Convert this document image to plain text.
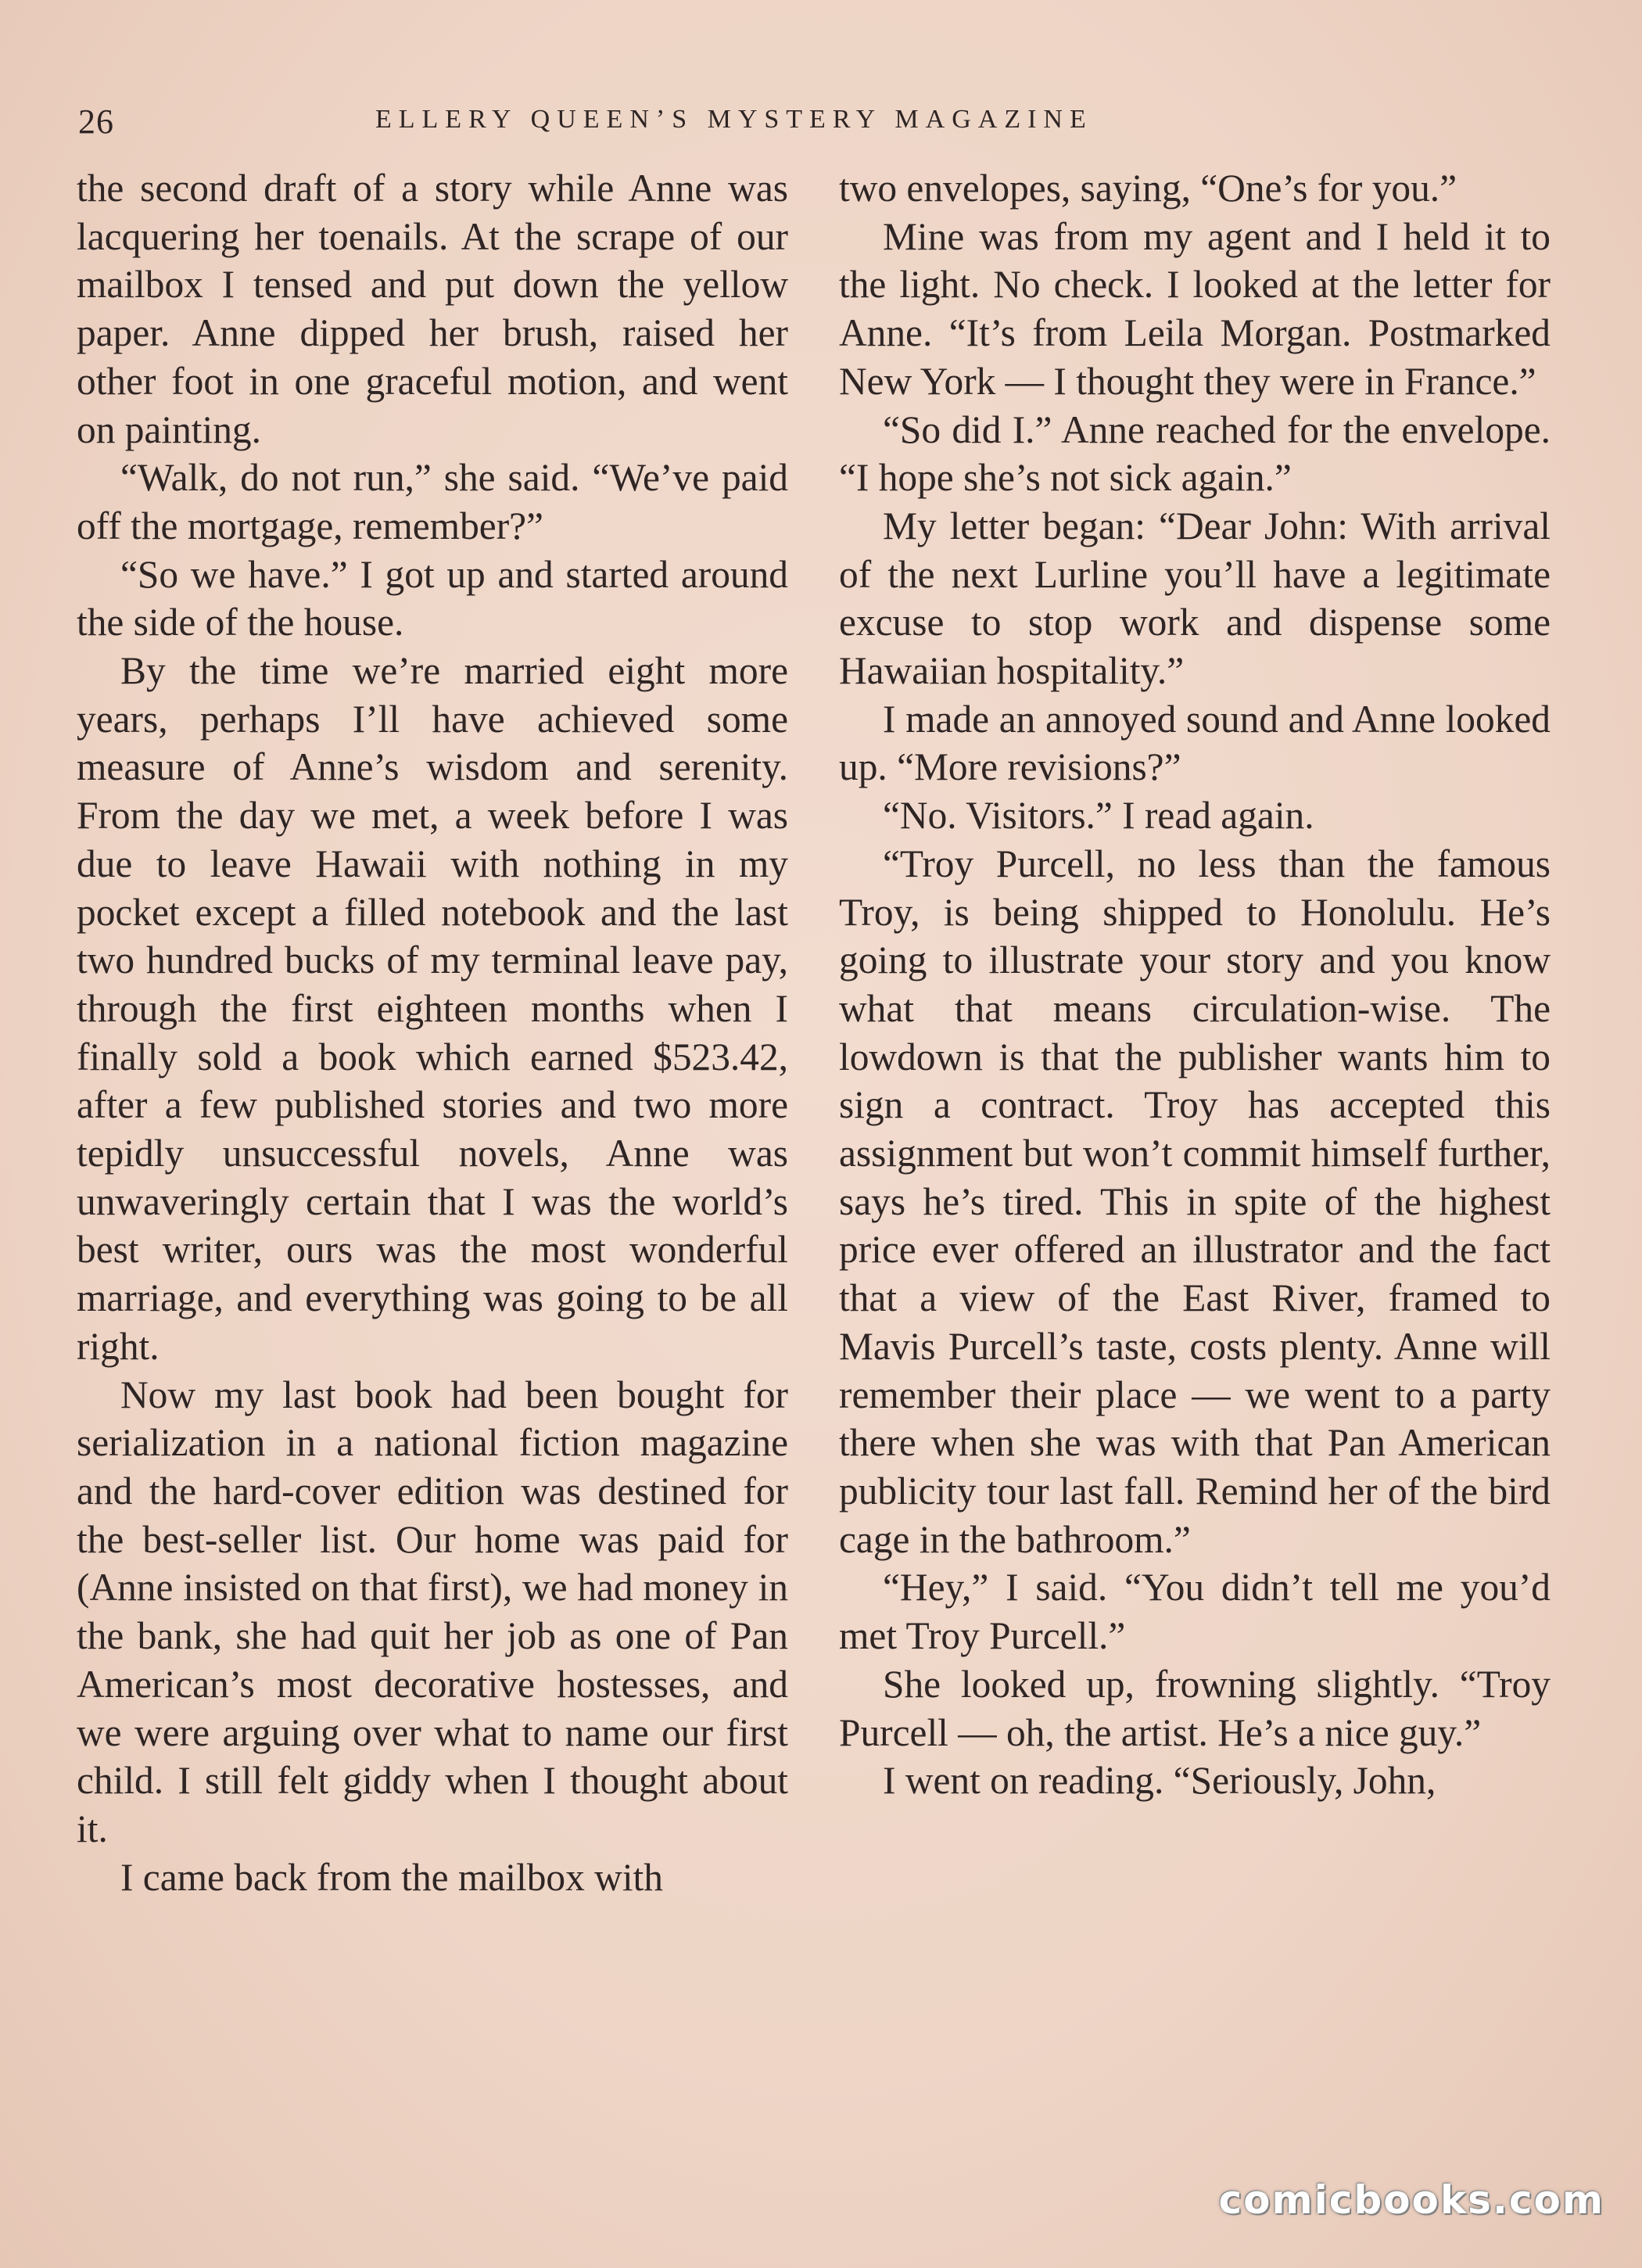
26	ELLERY QUEEN’S MYSTERY MAGAZINE

the second draft of a story while Anne was lacquering her toenails. At the scrape of our mailbox I tensed and put down the yellow paper. Anne dipped her brush, raised her other foot in one graceful motion, and went on painting.

“Walk, do not run,” she said. “We’ve paid off the mortgage, remember?”

“So we have.” I got up and started around the side of the house.

By the time we’re married eight more years, perhaps I’ll have achieved some measure of Anne’s wisdom and serenity. From the day we met, a week before I was due to leave Hawaii with nothing in my pocket except a filled notebook and the last two hundred bucks of my terminal leave pay, through the first eighteen months when I finally sold a book which earned $523.42, after a few published stories and two more tepidly unsuccessful novels, Anne was unwaveringly certain that I was the world’s best writer, ours was the most wonderful marriage, and everything was going to be all right.

Now my last book had been bought for serialization in a national fiction magazine and the hard-cover edition was destined for the best-seller list. Our home was paid for (Anne insisted on that first), we had money in the bank, she had quit her job as one of Pan American’s most decorative hostesses, and we were arguing over what to name our first child. I still felt giddy when I thought about it.

I came back from the mailbox with

two envelopes, saying, “One’s for you.”

Mine was from my agent and I held it to the light. No check. I looked at the letter for Anne. “It’s from Leila Morgan. Postmarked New York — I thought they were in France.”

“So did I.” Anne reached for the envelope. “I hope she’s not sick again.”

My letter began: “Dear John: With arrival of the next Lurline you’ll have a legitimate excuse to stop work and dispense some Hawaiian hospitality.”

I made an annoyed sound and Anne looked up. “More revisions?”

“No. Visitors.” I read again.

“Troy Purcell, no less than the famous Troy, is being shipped to Honolulu. He’s going to illustrate your story and you know what that means circulation-wise. The lowdown is that the publisher wants him to sign a contract. Troy has accepted this assignment but won’t commit himself further, says he’s tired. This in spite of the highest price ever offered an illustrator and the fact that a view of the East River, framed to Mavis Purcell’s taste, costs plenty. Anne will remember their place — we went to a party there when she was with that Pan American publicity tour last fall. Remind her of the bird cage in the bathroom.”

“Hey,” I said. “You didn’t tell me you’d met Troy Purcell.”

She looked up, frowning slightly. “Troy Purcell — oh, the artist. He’s a nice guy.”

I went on reading. “Seriously, John,

comicbooks.com
